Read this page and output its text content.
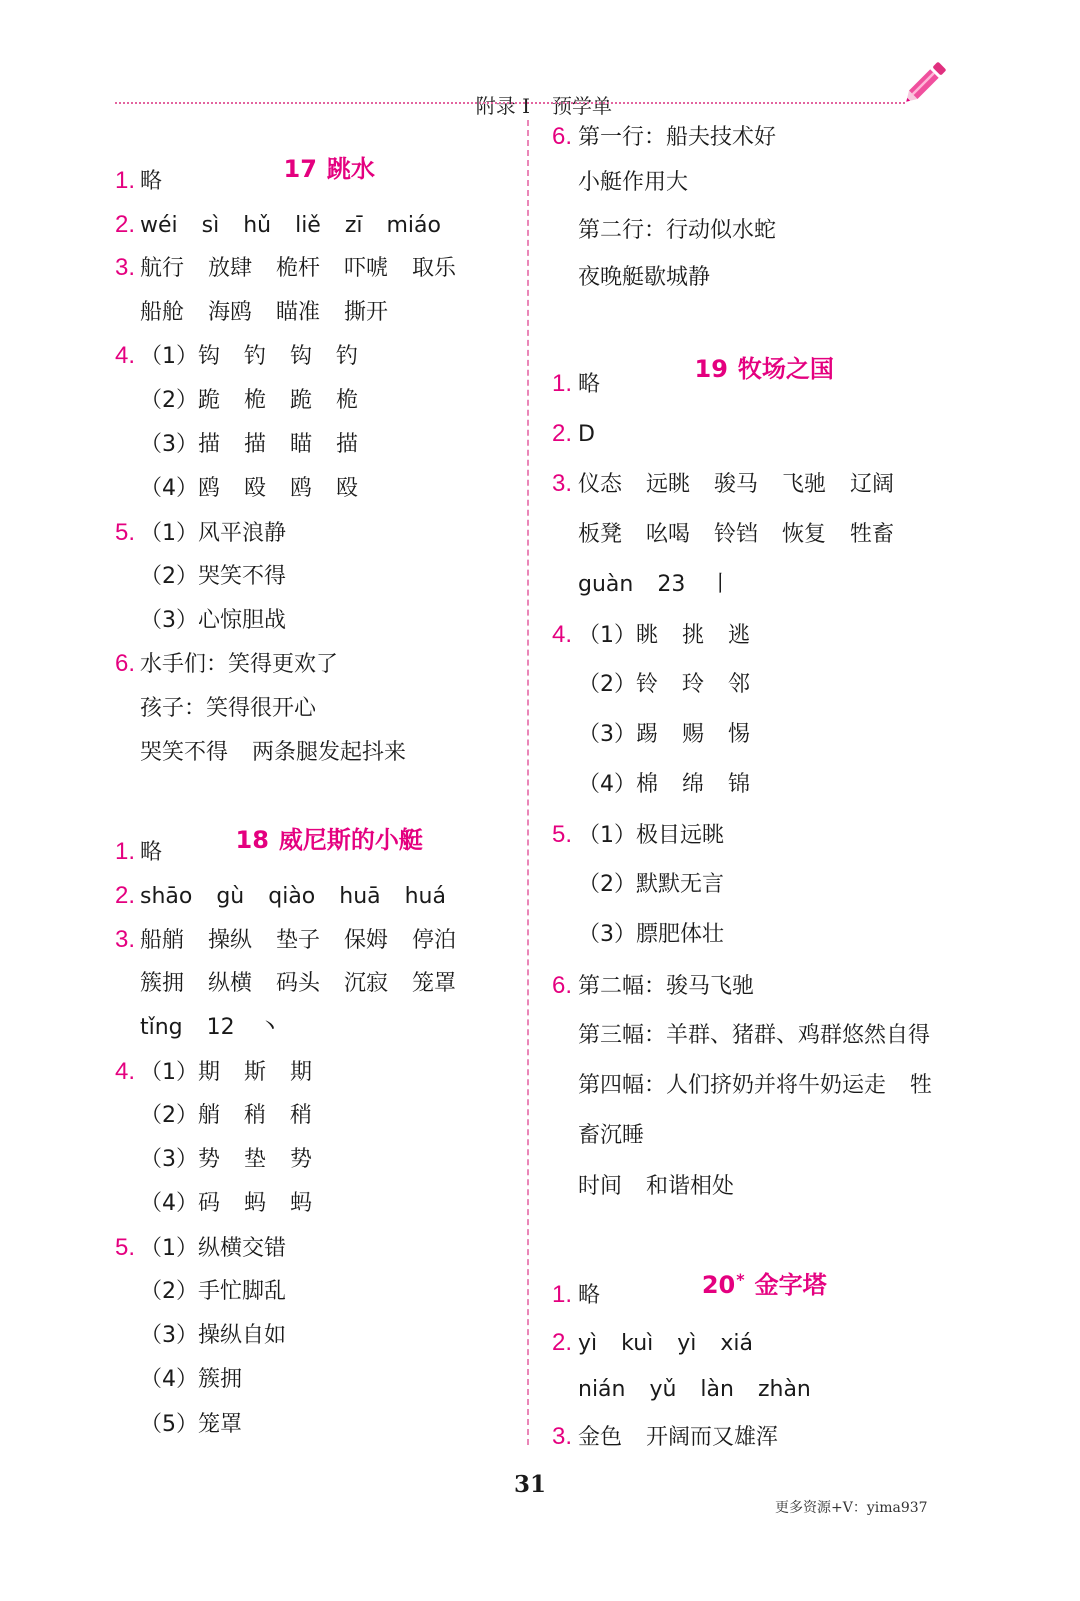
附录 I 预学单

17 跳水

1. 略
2. wéi sì hǔ liě zī miáo
3. 航行 放肆 桅杆 吓唬 取乐
船舱 海鸥 瞄准 撕开
4. （1）钩 钓 钩 钓
（2）跪 桅 跪 桅
（3）描 描 瞄 描
（4）鸥 殴 鸥 殴
5. （1）风平浪静
（2）哭笑不得
（3）心惊胆战
6. 水手们：笑得更欢了
孩子：笑得很开心
哭笑不得 两条腿发起抖来

18 威尼斯的小艇

1. 略
2. shāo gù qiào huā huá
3. 船艄 操纵 垫子 保姆 停泊
簇拥 纵横 码头 沉寂 笼罩
tǐng 12 丶
4. （1）期 斯 期
（2）艄 稍 稍
（3）势 垫 势
（4）码 蚂 蚂
5. （1）纵横交错
（2）手忙脚乱
（3）操纵自如
（4）簇拥
（5）笼罩
6. 第一行：船夫技术好
小艇作用大
第二行：行动似水蛇
夜晚艇歇城静

19 牧场之国

1. 略
2. D
3. 仪态 远眺 骏马 飞驰 辽阔
板凳 吆喝 铃铛 恢复 牲畜
guàn 23 丨
4. （1）眺 挑 逃
（2）铃 玲 邻
（3）踢 赐 惕
（4）棉 绵 锦
5. （1）极目远眺
（2）默默无言
（3）膘肥体壮
6. 第二幅：骏马飞驰
第三幅：羊群、猪群、鸡群悠然自得
第四幅：人们挤奶并将牛奶运走 牲
畜沉睡
时间 和谐相处

20* 金字塔

1. 略
2. yì kuì yì xiá
nián yǔ làn zhàn
3. 金色 开阔而又雄浑
31
更多资源+V：yima937
